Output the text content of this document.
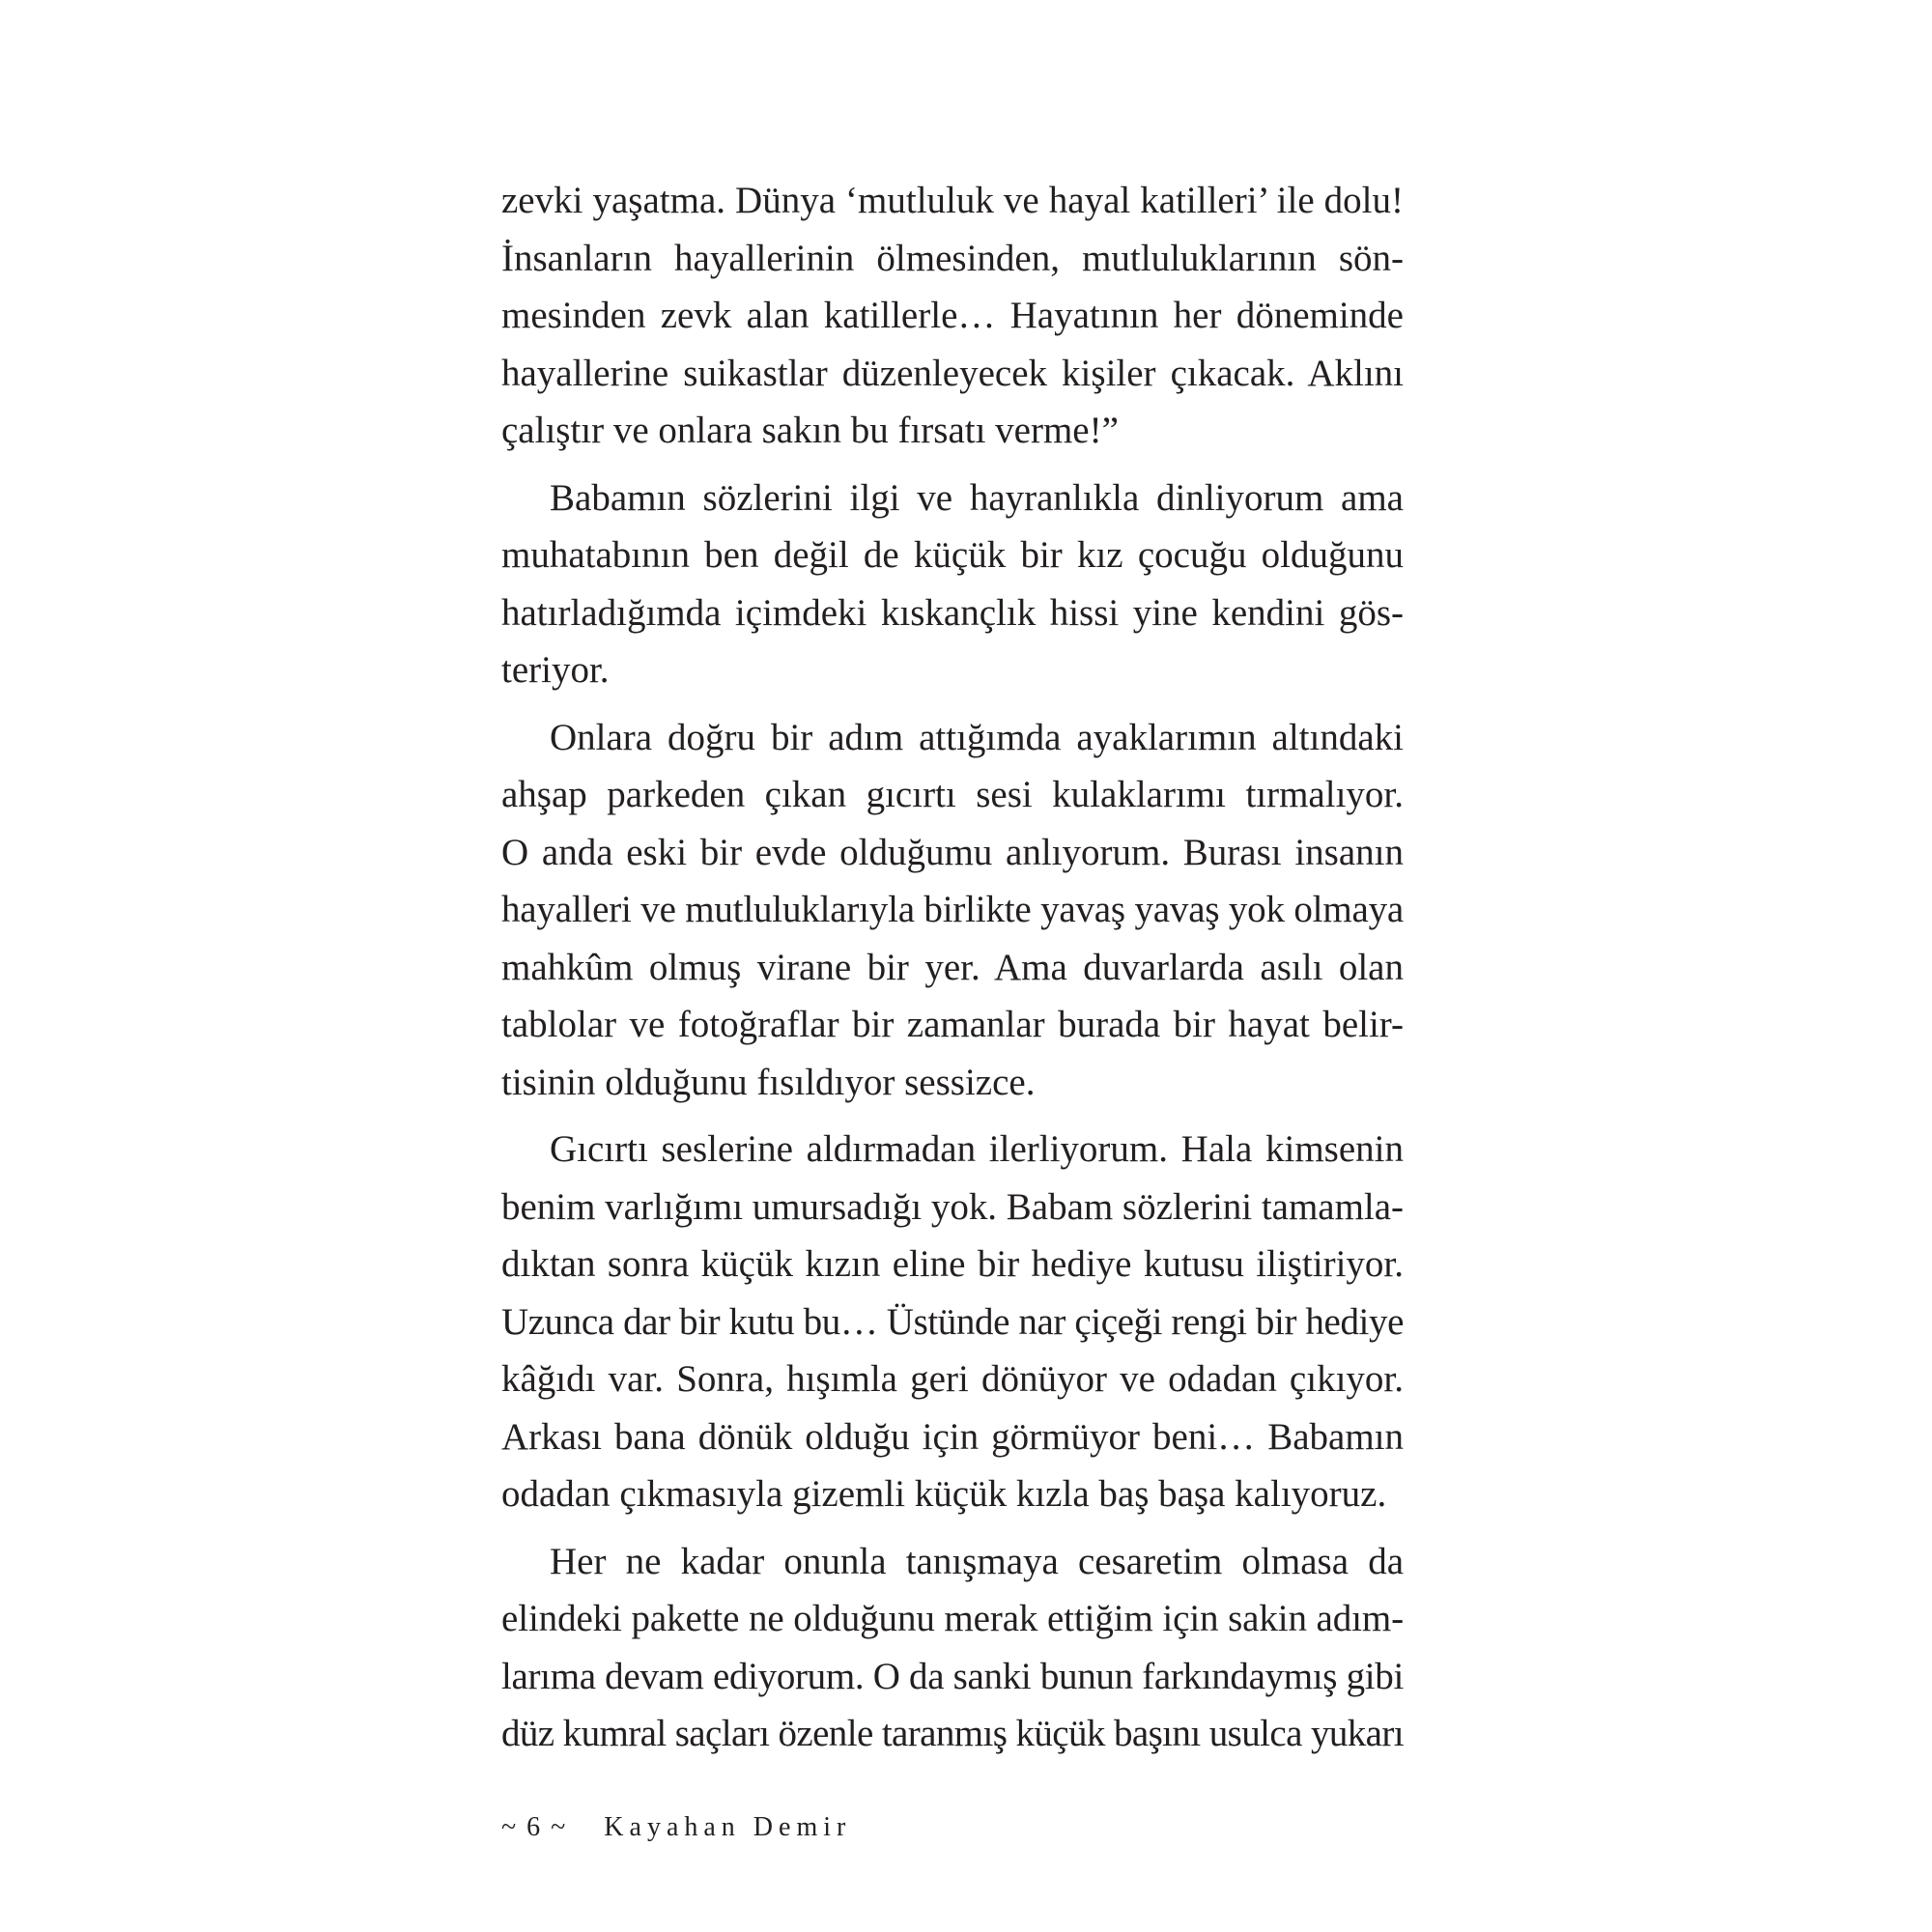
zevki yaşatma. Dünya ‘mutluluk ve hayal katilleri’ ile dolu!
İnsanların hayallerinin ölmesinden, mutluluklarının sön-
mesinden zevk alan katillerle… Hayatının her döneminde
hayallerine suikastlar düzenleyecek kişiler çıkacak. Aklını
çalıştır ve onlara sakın bu fırsatı verme!”

Babamın sözlerini ilgi ve hayranlıkla dinliyorum ama
muhatabının ben değil de küçük bir kız çocuğu olduğunu
hatırladığımda içimdeki kıskançlık hissi yine kendini gös-
teriyor.

Onlara doğru bir adım attığımda ayaklarımın altındaki
ahşap parkeden çıkan gıcırtı sesi kulaklarımı tırmalıyor.
O anda eski bir evde olduğumu anlıyorum. Burası insanın
hayalleri ve mutluluklarıyla birlikte yavaş yavaş yok olmaya
mahkûm olmuş virane bir yer. Ama duvarlarda asılı olan
tablolar ve fotoğraflar bir zamanlar burada bir hayat belir-
tisinin olduğunu fısıldıyor sessizce.

Gıcırtı seslerine aldırmadan ilerliyorum. Hala kimsenin
benim varlığımı umursadığı yok. Babam sözlerini tamamla-
dıktan sonra küçük kızın eline bir hediye kutusu iliştiriyor.
Uzunca dar bir kutu bu… Üstünde nar çiçeği rengi bir hediye
kâğıdı var. Sonra, hışımla geri dönüyor ve odadan çıkıyor.
Arkası bana dönük olduğu için görmüyor beni… Babamın
odadan çıkmasıyla gizemli küçük kızla baş başa kalıyoruz.

Her ne kadar onunla tanışmaya cesaretim olmasa da
elindeki pakette ne olduğunu merak ettiğim için sakin adım-
larıma devam ediyorum. O da sanki bunun farkındaymış gibi
düz kumral saçları özenle taranmış küçük başını usulca yukarı

~ 6 ~ Kayahan Demir
